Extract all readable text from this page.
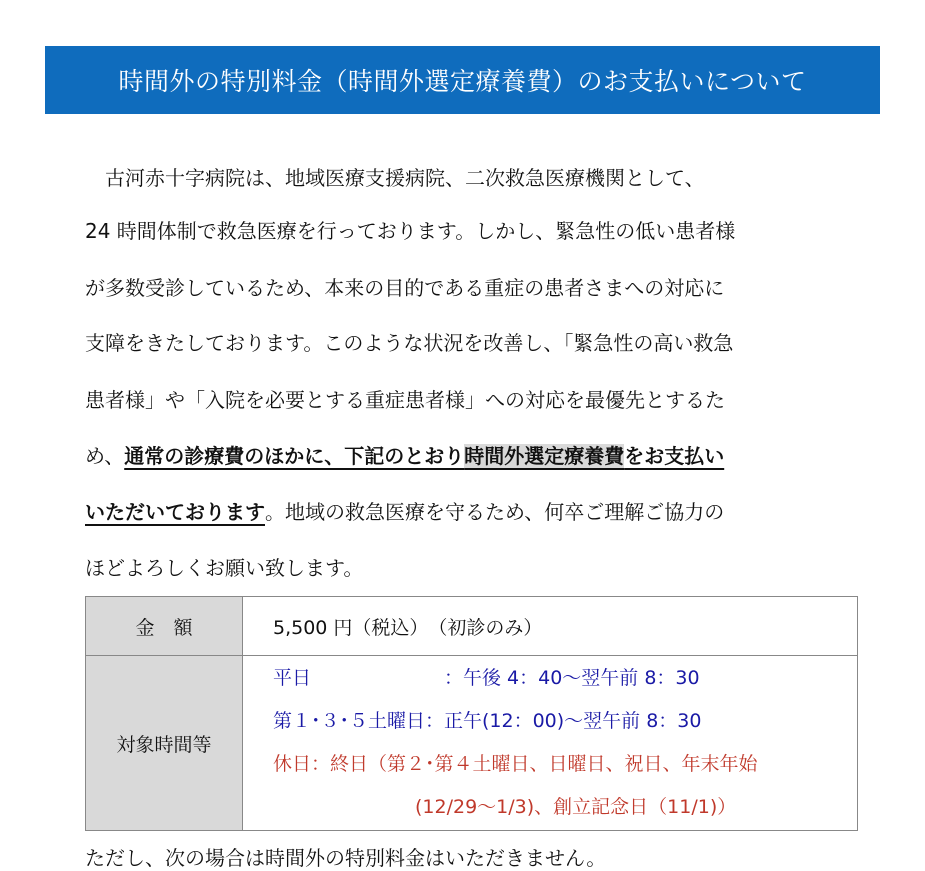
時間外の特別料金（時間外選定療養費）のお支払いについて
古河赤十字病院は、地域医療支援病院、二次救急医療機関として、
24 時間体制で救急医療を行っております。しかし、緊急性の低い患者様
が多数受診しているため、本来の目的である重症の患者さまへの対応に
支障をきたしております。このような状況を改善し、「緊急性の高い救急
患者様」や「入院を必要とする重症患者様」への対応を最優先とするた
め、通常の診療費のほかに、下記のとおり時間外選定療養費をお支払い
いただいております。地域の救急医療を守るため、何卒ご理解ご協力の
ほどよろしくお願い致します。
金　額	5,500 円（税込）　（初診のみ）
対象時間等	平日　　　　　　　：午後 4：40～翌午前 8：30
第１･３･５土曜日：正午(12：00)～翌午前 8：30
休日：終日（第２･第４土曜日、日曜日、祝日、年末年始
(12/29～1/3)、創立記念日（11/1)）
ただし、次の場合は時間外の特別料金はいただきません。
